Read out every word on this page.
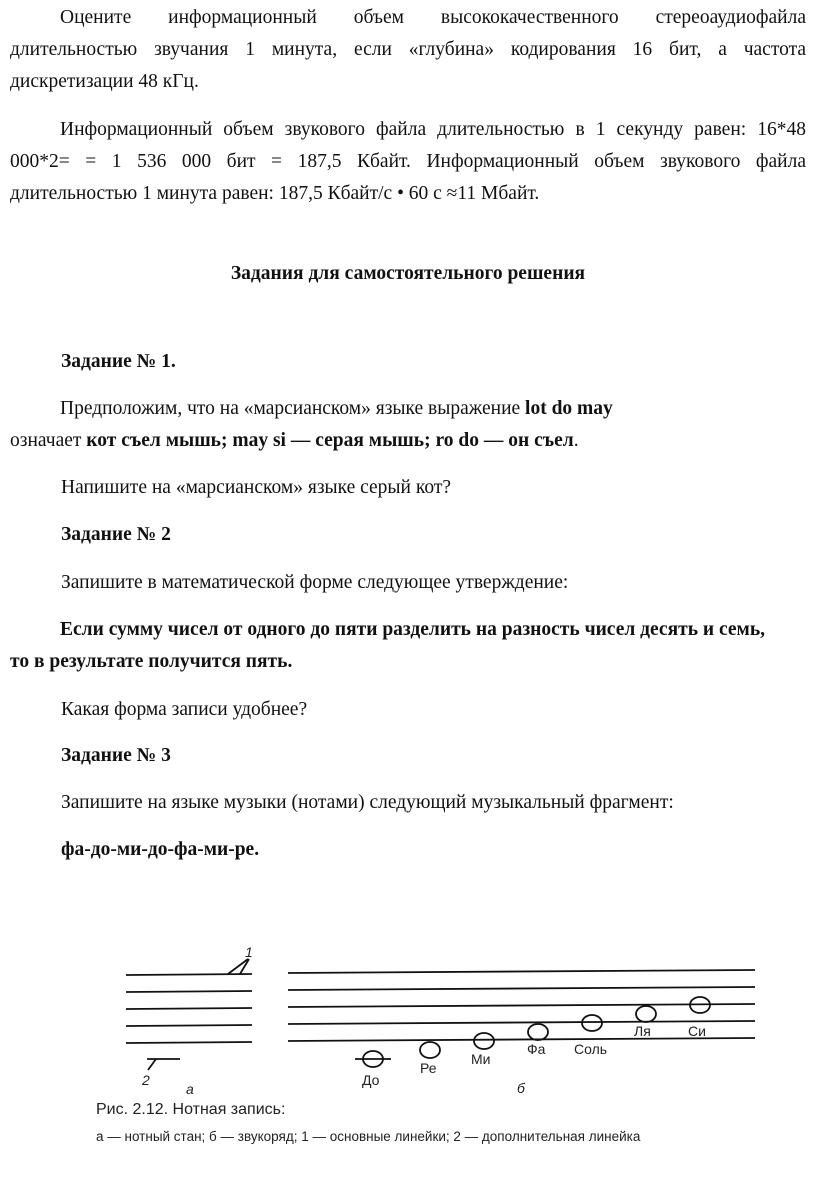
Оцените информационный объем высококачественного стереоаудиофайла длительностью звучания 1 минута, если «глубина» кодирования 16 бит, а частота дискретизации 48 кГц.

Информационный объем звукового файла длительностью в 1 секунду равен: 16*48 000*2= = 1 536 000 бит = 187,5 Кбайт. Информационный объем звукового файла длительностью 1 минута равен: 187,5 Кбайт/с • 60 с ≈11 Мбайт.

Задания для самостоятельного решения

Задание № 1.

Предположим, что на «марсианском» языке выражение lot do may
означает кот съел мышь; may si — серая мышь; ro do — он съел.

Напишите на «марсианском» языке серый кот?

Задание № 2

Запишите в математической форме следующее утверждение:

Если сумму чисел от одного до пяти разделить на разность чисел десять и семь, то в результате получится пять.

Какая форма записи удобнее?

Задание № 3

Запишите на языке музыки (нотами) следующий музыкальный фрагмент:

фа-до-ми-до-фа-ми-ре.

1
2
а	б
До
Ре
Ми
Фа Соль
Ля	Си

Рис. 2.12. Нотная запись:

а — нотный стан; б — звукоряд; 1 — основные линейки; 2 — дополнительная линейка
